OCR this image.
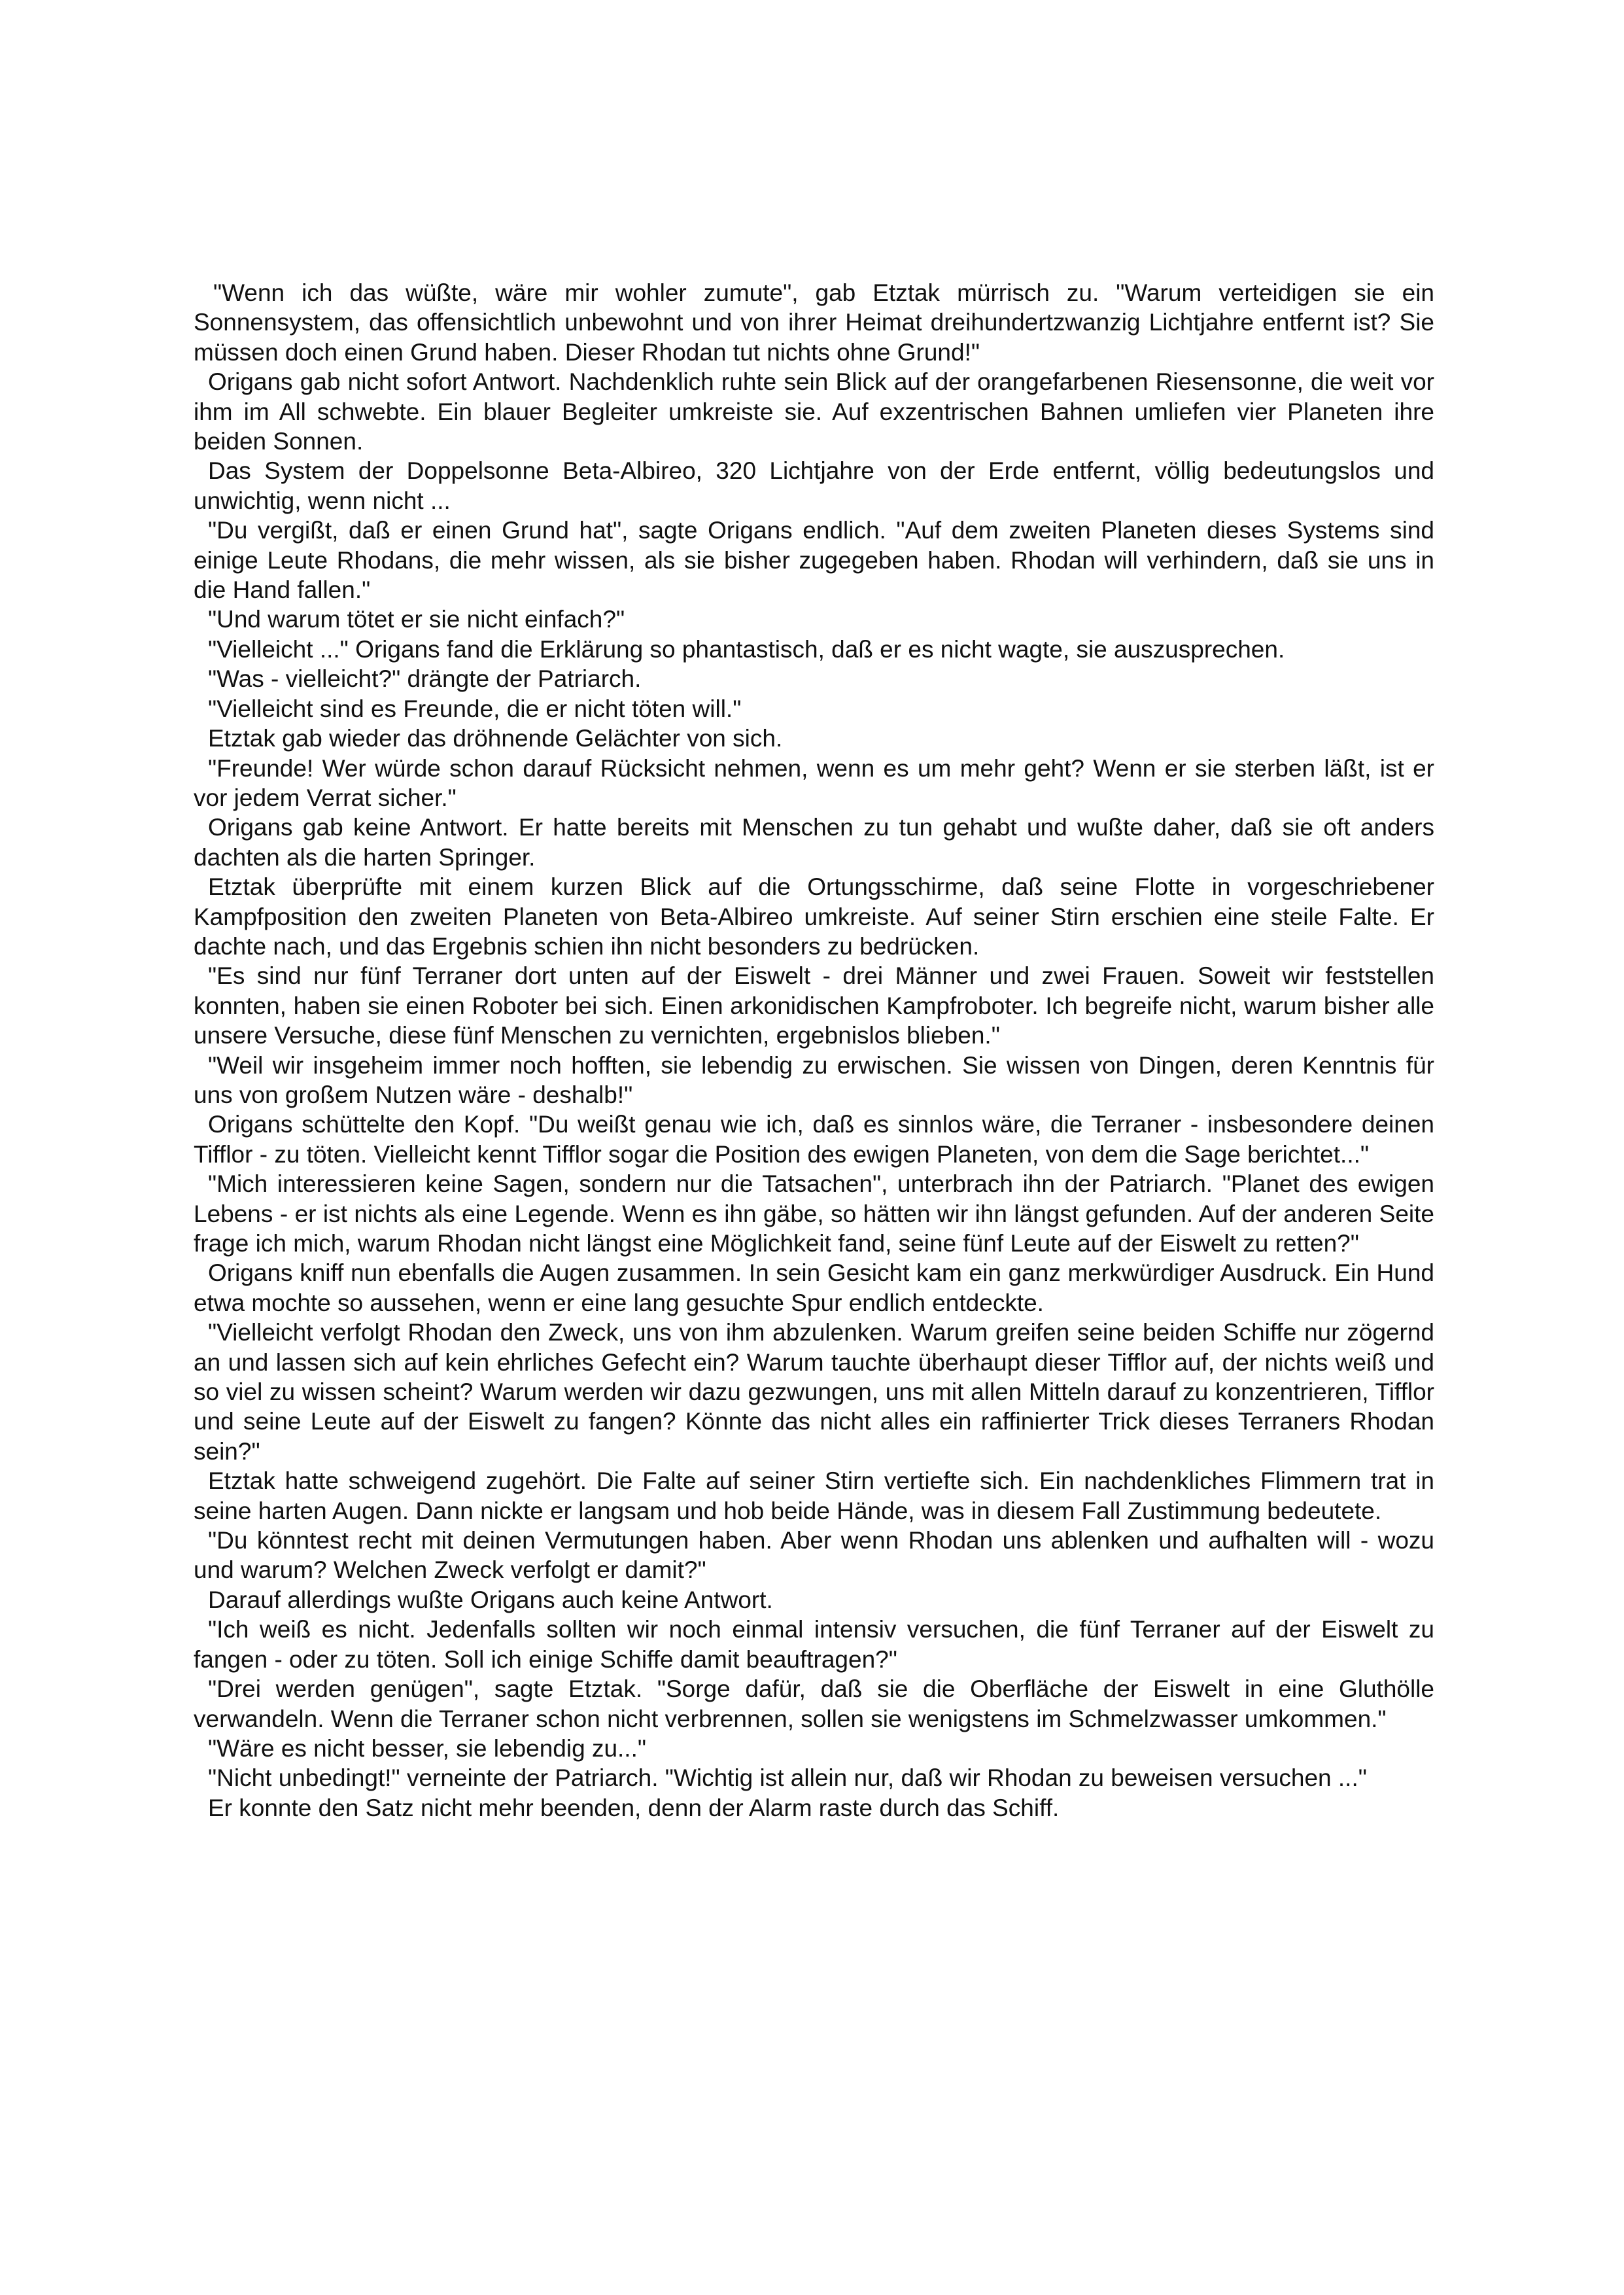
"Wenn ich das wüßte, wäre mir wohler zumute", gab Etztak mürrisch zu. "Warum verteidigen sie ein Sonnensystem, das offensichtlich unbewohnt und von ihrer Heimat dreihundertzwanzig Lichtjahre entfernt ist? Sie müssen doch einen Grund haben. Dieser Rhodan tut nichts ohne Grund!"

Origans gab nicht sofort Antwort. Nachdenklich ruhte sein Blick auf der orangefarbenen Riesensonne, die weit vor ihm im All schwebte. Ein blauer Begleiter umkreiste sie. Auf exzentrischen Bahnen umliefen vier Planeten ihre beiden Sonnen.

Das System der Doppelsonne Beta-Albireo, 320 Lichtjahre von der Erde entfernt, völlig bedeutungslos und unwichtig, wenn nicht ...

"Du vergißt, daß er einen Grund hat", sagte Origans endlich. "Auf dem zweiten Planeten dieses Systems sind einige Leute Rhodans, die mehr wissen, als sie bisher zugegeben haben. Rhodan will verhindern, daß sie uns in die Hand fallen."

"Und warum tötet er sie nicht einfach?"

"Vielleicht ..." Origans fand die Erklärung so phantastisch, daß er es nicht wagte, sie auszusprechen.

"Was - vielleicht?" drängte der Patriarch.

"Vielleicht sind es Freunde, die er nicht töten will."

Etztak gab wieder das dröhnende Gelächter von sich.

"Freunde! Wer würde schon darauf Rücksicht nehmen, wenn es um mehr geht? Wenn er sie sterben läßt, ist er vor jedem Verrat sicher."

Origans gab keine Antwort. Er hatte bereits mit Menschen zu tun gehabt und wußte daher, daß sie oft anders dachten als die harten Springer.

Etztak überprüfte mit einem kurzen Blick auf die Ortungsschirme, daß seine Flotte in vorgeschriebener Kampfposition den zweiten Planeten von Beta-Albireo umkreiste. Auf seiner Stirn erschien eine steile Falte. Er dachte nach, und das Ergebnis schien ihn nicht besonders zu bedrücken.

"Es sind nur fünf Terraner dort unten auf der Eiswelt - drei Männer und zwei Frauen. Soweit wir feststellen konnten, haben sie einen Roboter bei sich. Einen arkonidischen Kampfroboter. Ich begreife nicht, warum bisher alle unsere Versuche, diese fünf Menschen zu vernichten, ergebnislos blieben."

"Weil wir insgeheim immer noch hofften, sie lebendig zu erwischen. Sie wissen von Dingen, deren Kenntnis für uns von großem Nutzen wäre - deshalb!"

Origans schüttelte den Kopf. "Du weißt genau wie ich, daß es sinnlos wäre, die Terraner - insbesondere deinen Tifflor - zu töten. Vielleicht kennt Tifflor sogar die Position des ewigen Planeten, von dem die Sage berichtet..."

"Mich interessieren keine Sagen, sondern nur die Tatsachen", unterbrach ihn der Patriarch. "Planet des ewigen Lebens - er ist nichts als eine Legende. Wenn es ihn gäbe, so hätten wir ihn längst gefunden. Auf der anderen Seite frage ich mich, warum Rhodan nicht längst eine Möglichkeit fand, seine fünf Leute auf der Eiswelt zu retten?"

Origans kniff nun ebenfalls die Augen zusammen. In sein Gesicht kam ein ganz merkwürdiger Ausdruck. Ein Hund etwa mochte so aussehen, wenn er eine lang gesuchte Spur endlich entdeckte.

"Vielleicht verfolgt Rhodan den Zweck, uns von ihm abzulenken. Warum greifen seine beiden Schiffe nur zögernd an und lassen sich auf kein ehrliches Gefecht ein? Warum tauchte überhaupt dieser Tifflor auf, der nichts weiß und so viel zu wissen scheint? Warum werden wir dazu gezwungen, uns mit allen Mitteln darauf zu konzentrieren, Tifflor und seine Leute auf der Eiswelt zu fangen? Könnte das nicht alles ein raffinierter Trick dieses Terraners Rhodan sein?"

Etztak hatte schweigend zugehört. Die Falte auf seiner Stirn vertiefte sich. Ein nachdenkliches Flimmern trat in seine harten Augen. Dann nickte er langsam und hob beide Hände, was in diesem Fall Zustimmung bedeutete.

"Du könntest recht mit deinen Vermutungen haben. Aber wenn Rhodan uns ablenken und aufhalten will - wozu und warum? Welchen Zweck verfolgt er damit?"

Darauf allerdings wußte Origans auch keine Antwort.

"Ich weiß es nicht. Jedenfalls sollten wir noch einmal intensiv versuchen, die fünf Terraner auf der Eiswelt zu fangen - oder zu töten. Soll ich einige Schiffe damit beauftragen?"

"Drei werden genügen", sagte Etztak. "Sorge dafür, daß sie die Oberfläche der Eiswelt in eine Gluthölle verwandeln. Wenn die Terraner schon nicht verbrennen, sollen sie wenigstens im Schmelzwasser umkommen."

"Wäre es nicht besser, sie lebendig zu..."

"Nicht unbedingt!" verneinte der Patriarch. "Wichtig ist allein nur, daß wir Rhodan zu beweisen versuchen ..."

Er konnte den Satz nicht mehr beenden, denn der Alarm raste durch das Schiff.
